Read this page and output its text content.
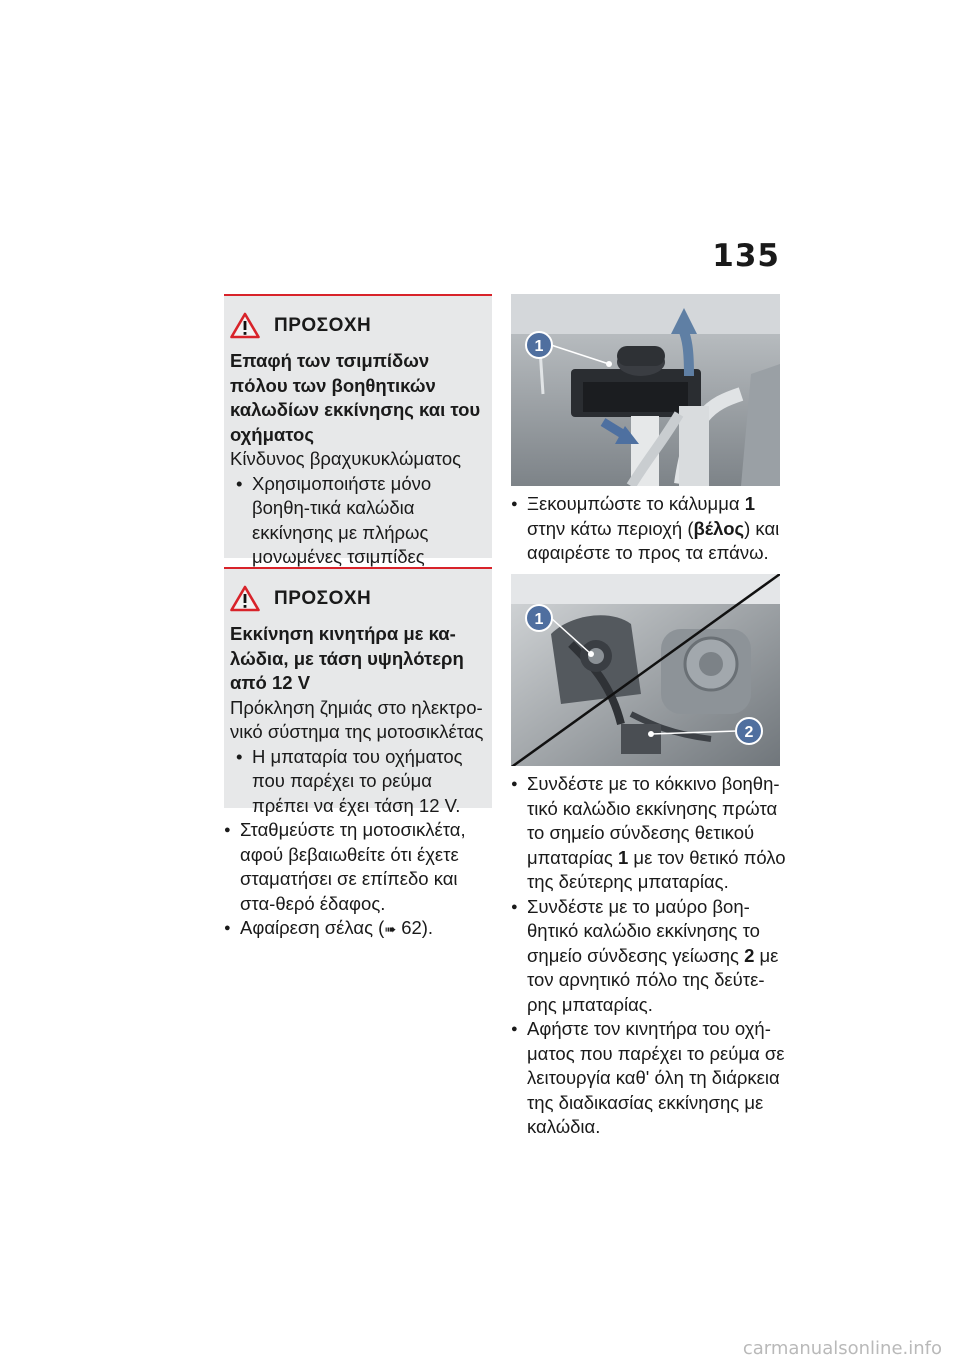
135
ΠΡΟΣΟΧΗ
Επαφή των τσιμπίδων πόλου των βοηθητικών καλωδίων εκκίνησης και του οχήματος
Κίνδυνος βραχυκυκλώματος
• Χρησιμοποιήστε μόνο βοηθη-τικά καλώδια εκκίνησης με πλήρως μονωμένες τσιμπίδες
ΠΡΟΣΟΧΗ
Εκκίνηση κινητήρα με κα-λώδια, με τάση υψηλότερη από 12 V
Πρόκληση ζημιάς στο ηλεκτρο-νικό σύστημα της μοτοσικλέτας
• Η μπαταρία του οχήματος που παρέχει το ρεύμα πρέπει να έχει τάση 12 V.
● Σταθμεύστε τη μοτοσικλέτα, αφού βεβαιωθείτε ότι έχετε σταματήσει σε επίπεδο και στα-θερό έδαφος.
● Αφαίρεση σέλας (➠ 62).
1
● Ξεκουμπώστε το κάλυμμα 1 στην κάτω περιοχή (βέλος) και αφαιρέστε το προς τα επάνω.
1
2
● Συνδέστε με το κόκκινο βοηθη-τικό καλώδιο εκκίνησης πρώτα το σημείο σύνδεσης θετικού μπαταρίας 1 με τον θετικό πόλο της δεύτερης μπαταρίας.
● Συνδέστε με το μαύρο βοη-θητικό καλώδιο εκκίνησης το σημείο σύνδεσης γείωσης 2 με τον αρνητικό πόλο της δεύτε-ρης μπαταρίας.
● Αφήστε τον κινητήρα του οχή-ματος που παρέχει το ρεύμα σε λειτουργία καθ' όλη τη διάρκεια της διαδικασίας εκκίνησης με καλώδια.
carmanualsonline.info
